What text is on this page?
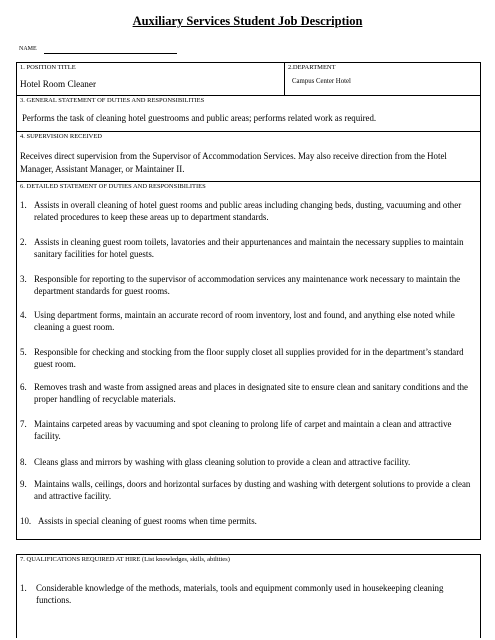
Auxiliary Services Student Job Description
NAME
1. POSITION TITLE
Hotel Room Cleaner
2.DEPARTMENT
Campus Center Hotel
3. GENERAL STATEMENT OF DUTIES AND RESPONSIBILITIES
Performs the task of cleaning hotel guestrooms and public areas; performs related work as required.
4. SUPERVISION RECEIVED
Receives direct supervision from the Supervisor of Accommodation Services. May also receive direction from the Hotel Manager, Assistant Manager, or Maintainer II.
6. DETAILED STATEMENT OF DUTIES AND RESPONSIBILITIES
1. Assists in overall cleaning of hotel guest rooms and public areas including changing beds, dusting, vacuuming and other related procedures to keep these areas up to department standards.
2. Assists in cleaning guest room toilets, lavatories and their appurtenances and maintain the necessary supplies to maintain sanitary facilities for hotel guests.
3. Responsible for reporting to the supervisor of accommodation services any maintenance work necessary to maintain the department standards for guest rooms.
4. Using department forms, maintain an accurate record of room inventory, lost and found, and anything else noted while cleaning a guest room.
5. Responsible for checking and stocking from the floor supply closet all supplies provided for in the department’s standard guest room.
6. Removes trash and waste from assigned areas and places in designated site to ensure clean and sanitary conditions and the proper handling of recyclable materials.
7. Maintains carpeted areas by vacuuming and spot cleaning to prolong life of carpet and maintain a clean and attractive facility.
8. Cleans glass and mirrors by washing with glass cleaning solution to provide a clean and attractive facility.
9. Maintains walls, ceilings, doors and horizontal surfaces by dusting and washing with detergent solutions to provide a clean and attractive facility.
10. Assists in special cleaning of guest rooms when time permits.
7. QUALIFICATIONS REQUIRED AT HIRE (List knowledges, skills, abilities)
1. Considerable knowledge of the methods, materials, tools and equipment commonly used in housekeeping cleaning functions.
